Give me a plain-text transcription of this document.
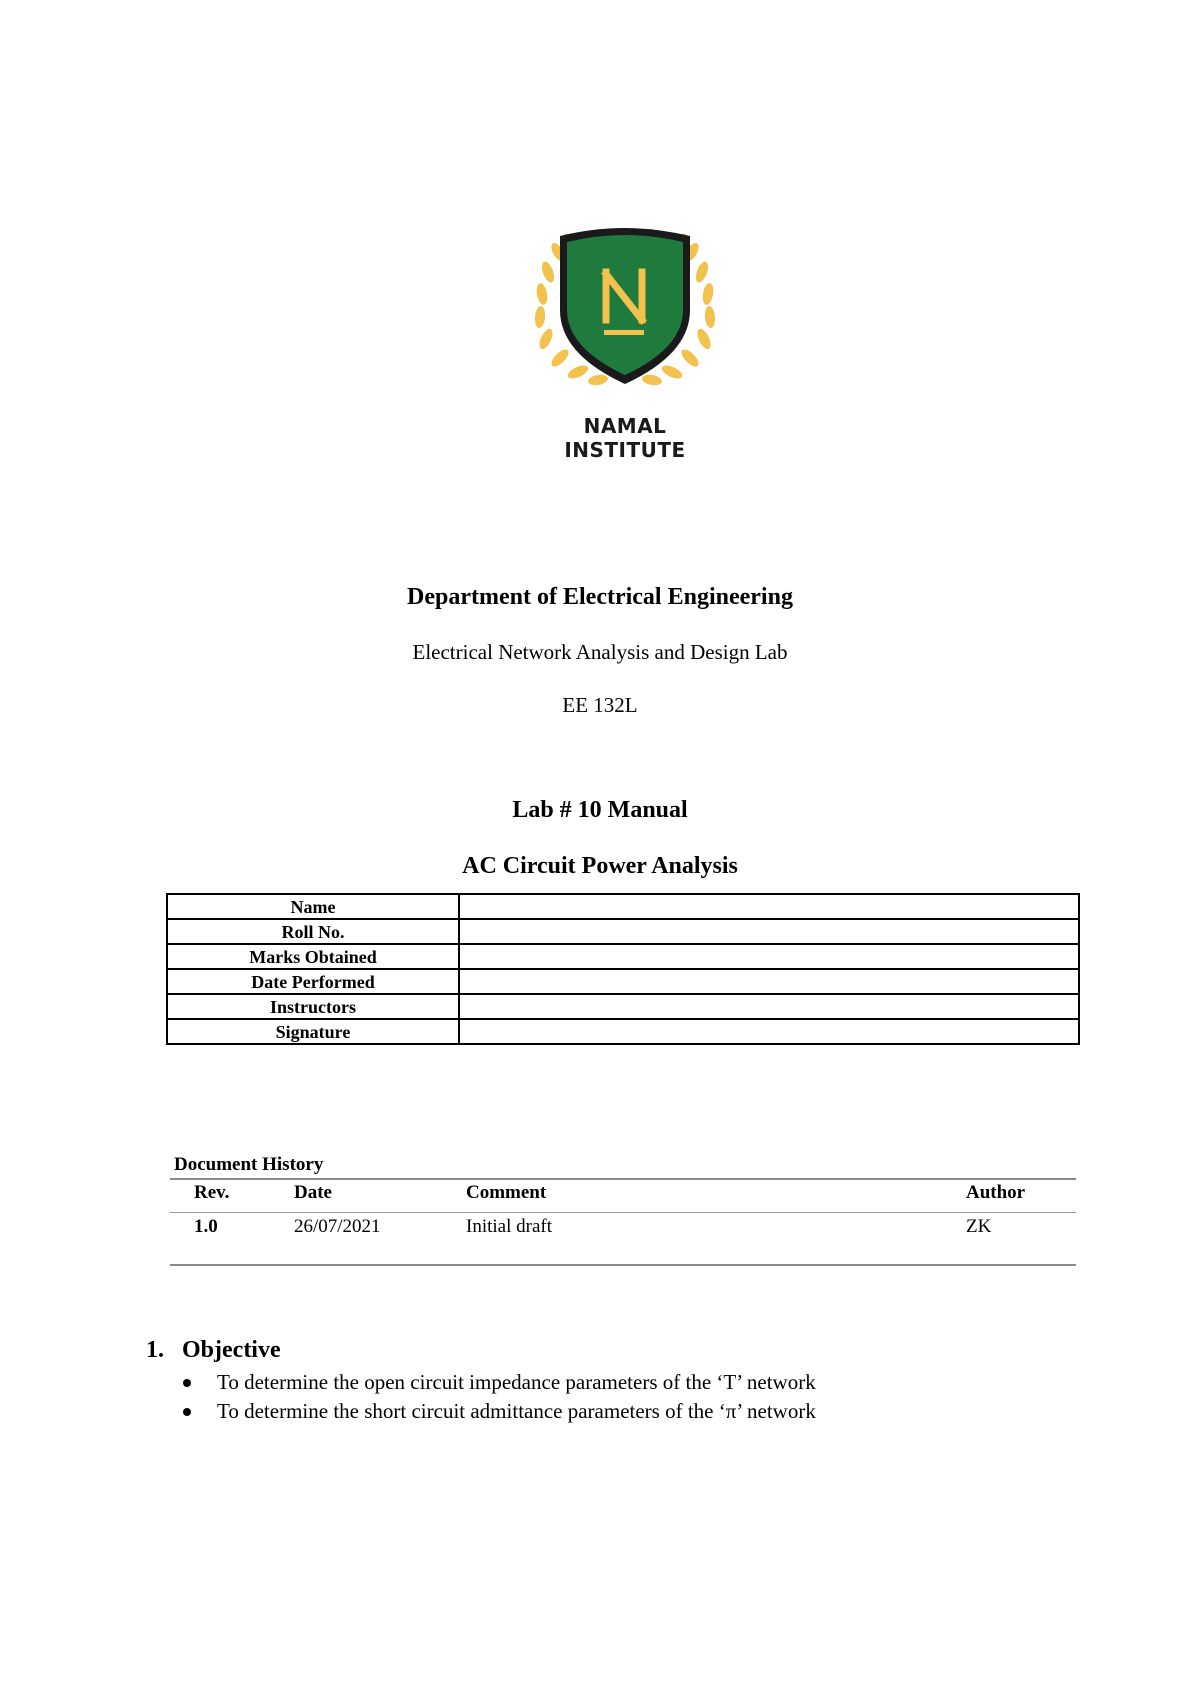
NAMAL INSTITUTE
Department of Electrical Engineering
Electrical Network Analysis and Design Lab
EE 132L
Lab # 10 Manual
AC Circuit Power Analysis
Name	
Roll No.	
Marks Obtained	
Date Performed	
Instructors	
Signature	
Document History
Rev.	Date	Comment	Author
1.0	26/07/2021	Initial draft	ZK
1. Objective
To determine the open circuit impedance parameters of the ‘T’ network
To determine the short circuit admittance parameters of the ‘π’ network
